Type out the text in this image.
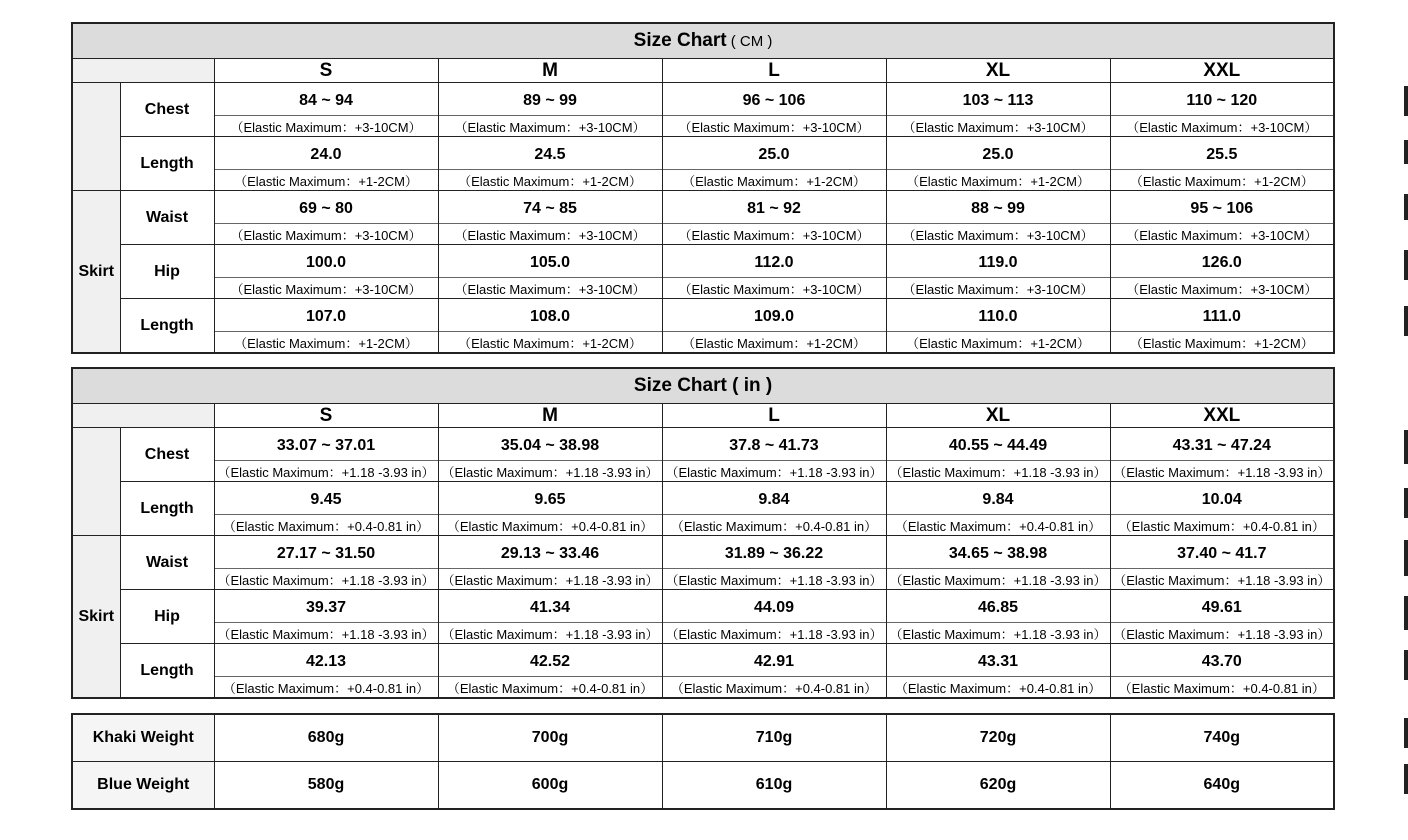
Size Chart ( CM )						
		S	M	L	XL	XXL
	Chest	84 ~ 94	89 ~ 99	96 ~ 106	103 ~ 113	110 ~ 120
		（Elastic Maximum：+3-10CM）	（Elastic Maximum：+3-10CM）	（Elastic Maximum：+3-10CM）	（Elastic Maximum：+3-10CM）	（Elastic Maximum：+3-10CM）
	Length	24.0	24.5	25.0	25.0	25.5
		（Elastic Maximum：+1-2CM）	（Elastic Maximum：+1-2CM）	（Elastic Maximum：+1-2CM）	（Elastic Maximum：+1-2CM）	（Elastic Maximum：+1-2CM）
Skirt	Waist	69 ~ 80	74 ~ 85	81 ~ 92	88 ~ 99	95 ~ 106
		（Elastic Maximum：+3-10CM）	（Elastic Maximum：+3-10CM）	（Elastic Maximum：+3-10CM）	（Elastic Maximum：+3-10CM）	（Elastic Maximum：+3-10CM）
	Hip	100.0	105.0	112.0	119.0	126.0
		（Elastic Maximum：+3-10CM）	（Elastic Maximum：+3-10CM）	（Elastic Maximum：+3-10CM）	（Elastic Maximum：+3-10CM）	（Elastic Maximum：+3-10CM）
	Length	107.0	108.0	109.0	110.0	111.0
		（Elastic Maximum：+1-2CM）	（Elastic Maximum：+1-2CM）	（Elastic Maximum：+1-2CM）	（Elastic Maximum：+1-2CM）	（Elastic Maximum：+1-2CM）
Size Chart ( in )						
		S	M	L	XL	XXL
	Chest	33.07 ~ 37.01	35.04 ~ 38.98	37.8 ~ 41.73	40.55 ~ 44.49	43.31 ~ 47.24
		（Elastic Maximum：+1.18 -3.93 in）	（Elastic Maximum：+1.18 -3.93 in）	（Elastic Maximum：+1.18 -3.93 in）	（Elastic Maximum：+1.18 -3.93 in）	（Elastic Maximum：+1.18 -3.93 in）
	Length	9.45	9.65	9.84	9.84	10.04
		（Elastic Maximum：+0.4-0.81 in）	（Elastic Maximum：+0.4-0.81 in）	（Elastic Maximum：+0.4-0.81 in）	（Elastic Maximum：+0.4-0.81 in）	（Elastic Maximum：+0.4-0.81 in）
Skirt	Waist	27.17 ~ 31.50	29.13 ~ 33.46	31.89 ~ 36.22	34.65 ~ 38.98	37.40 ~ 41.7
		（Elastic Maximum：+1.18 -3.93 in）	（Elastic Maximum：+1.18 -3.93 in）	（Elastic Maximum：+1.18 -3.93 in）	（Elastic Maximum：+1.18 -3.93 in）	（Elastic Maximum：+1.18 -3.93 in）
	Hip	39.37	41.34	44.09	46.85	49.61
		（Elastic Maximum：+1.18 -3.93 in）	（Elastic Maximum：+1.18 -3.93 in）	（Elastic Maximum：+1.18 -3.93 in）	（Elastic Maximum：+1.18 -3.93 in）	（Elastic Maximum：+1.18 -3.93 in）
	Length	42.13	42.52	42.91	43.31	43.70
		（Elastic Maximum：+0.4-0.81 in）	（Elastic Maximum：+0.4-0.81 in）	（Elastic Maximum：+0.4-0.81 in）	（Elastic Maximum：+0.4-0.81 in）	（Elastic Maximum：+0.4-0.81 in）
Khaki Weight	680g	700g	710g	720g	740g
Blue Weight	580g	600g	610g	620g	640g
